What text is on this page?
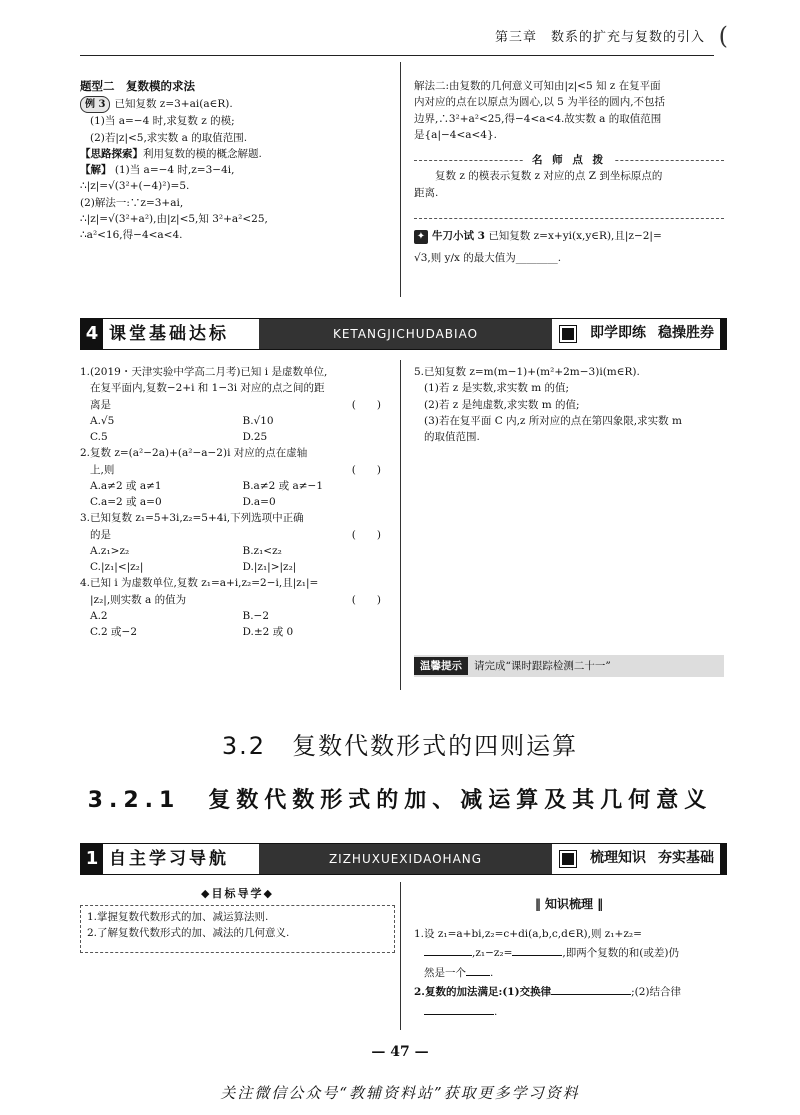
第三章　数系的扩充与复数的引入 (
题型二　复数模的求法

例 3 已知复数 z=3+ai(a∈R).

(1)当 a=−4 时,求复数 z 的模;

(2)若|z|<5,求实数 a 的取值范围.

【思路探索】利用复数的模的概念解题.

【解】 (1)当 a=−4 时,z=3−4i,

∴|z|=√(3²+(−4)²)=5.

(2)解法一:∵z=3+ai,

∴|z|=√(3²+a²),由|z|<5,知 3²+a²<25,

∴a²<16,得−4<a<4.

解法二:由复数的几何意义可知由|z|<5 知 z 在复平面

内对应的点在以原点为圆心,以 5 为半径的圆内,不包括

边界,∴3²+a²<25,得−4<a<4.故实数 a 的取值范围

是{a|−4<a<4}.

名 师 点 拨

复数 z 的模表示复数 z 对应的点 Z 到坐标原点的

距离.

✦ 牛刀小试 3 已知复数 z=x+yi(x,y∈R),且|z−2|=

√3,则 y/x 的最大值为________.

4 课堂基础达标	KETANGJICHUDABIAO	即学即练 稳操胜券

1.(2019・天津实验中学高二月考)已知 i 是虚数单位,

在复平面内,复数−2+i 和 1−3i 对应的点之间的距

离是	(　　)

A.√5	B.√10
C.5	D.25

2.复数 z=(a²−2a)+(a²−a−2)i 对应的点在虚轴

上,则	(　　)

A.a≠2 或 a≠1	B.a≠2 或 a≠−1
C.a=2 或 a=0	D.a=0

3.已知复数 z₁=5+3i,z₂=5+4i,下列选项中正确

的是	(　　)

A.z₁>z₂	B.z₁<z₂
C.|z₁|<|z₂|	D.|z₁|>|z₂|

4.已知 i 为虚数单位,复数 z₁=a+i,z₂=2−i,且|z₁|=

|z₂|,则实数 a 的值为	(　　)

A.2	B.−2
C.2 或−2	D.±2 或 0

5.已知复数 z=m(m−1)+(m²+2m−3)i(m∈R).

(1)若 z 是实数,求实数 m 的值;

(2)若 z 是纯虚数,求实数 m 的值;

(3)若在复平面 C 内,z 所对应的点在第四象限,求实数 m

的取值范围.

温馨提示	请完成“课时跟踪检测二十一”
3.2　复数代数形式的四则运算
3.2.1　复数代数形式的加、减运算及其几何意义
1 自主学习导航	ZIZHUXUEXIDAOHANG	梳理知识 夯实基础
◆目标导学◆

1.掌握复数代数形式的加、减运算法则.

2.了解复数代数形式的加、减法的几何意义.

‖ 知识梳理 ‖

1.设 z₁=a+bi,z₂=c+di(a,b,c,d∈R),则 z₁+z₂=

,z₁−z₂=	,即两个复数的和(或差)仍

然是一个 .

2.复数的加法满足:(1)交换律	;(2)结合律

.

— 47 —
关注微信公众号“教辅资料站”获取更多学习资料
